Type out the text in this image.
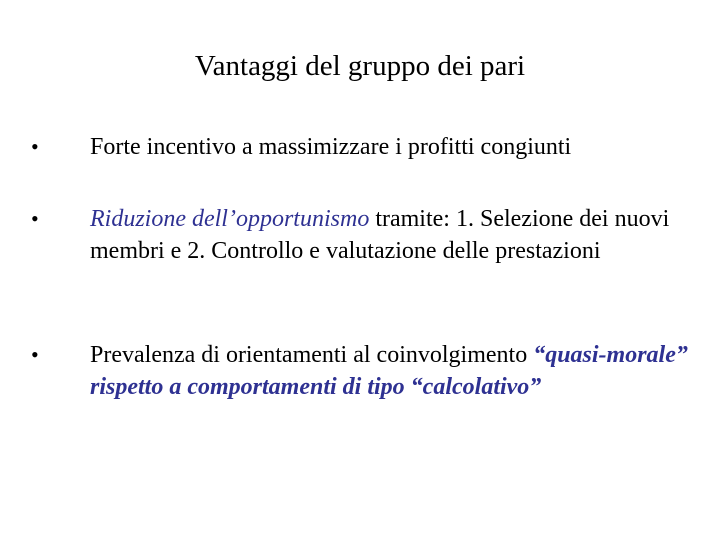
Vantaggi del gruppo dei pari
• Forte incentivo a massimizzare i profitti congiunti
• Riduzione dell’opportunismo tramite: 1. Selezione dei nuovi membri e 2. Controllo e valutazione delle prestazioni
• Prevalenza di orientamenti al coinvolgimento “quasi-morale” rispetto a comportamenti di tipo “calcolativo”
